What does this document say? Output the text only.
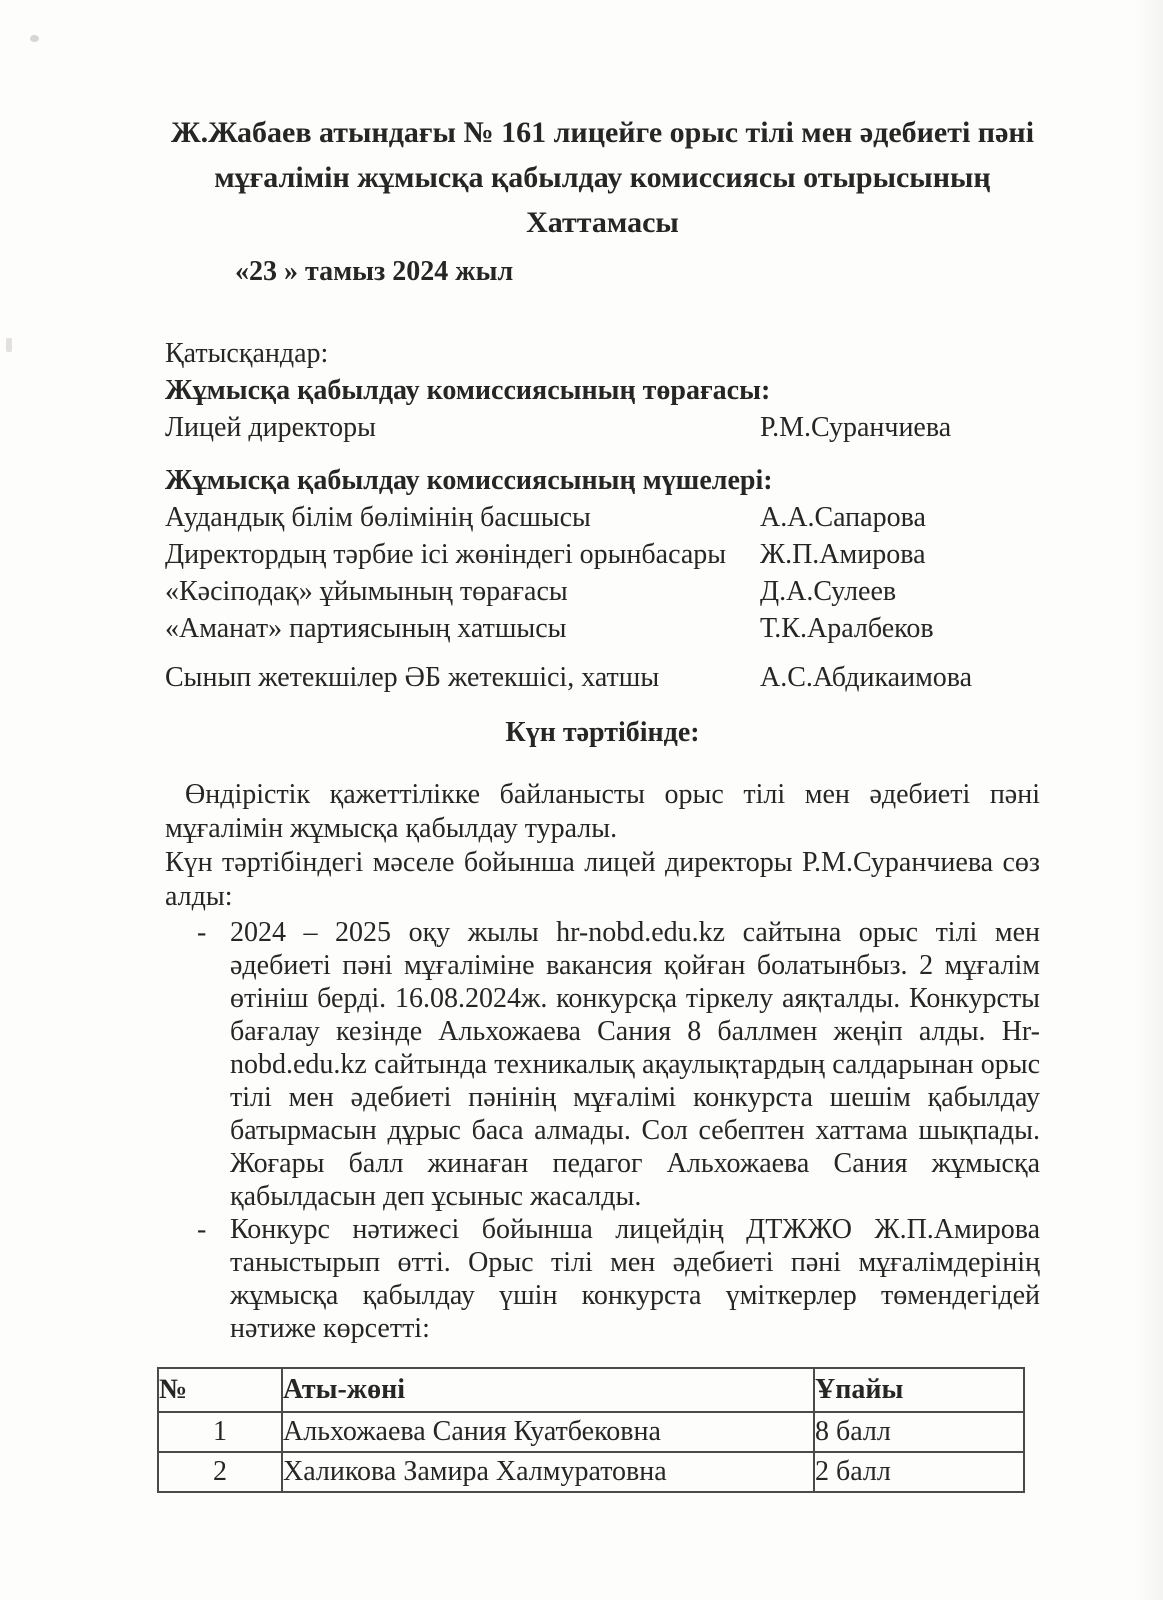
Ж.Жабаев атындағы № 161 лицейге орыс тілі мен әдебиеті пәні
мұғалімін жұмысқа қабылдау комиссиясы отырысының
Хаттамасы
«23 » тамыз 2024 жыл
Қатысқандар:
Жұмысқа қабылдау комиссиясының төрағасы:
Лицей директоры	Р.М.Суранчиева
Жұмысқа қабылдау комиссиясының мүшелері:
Аудандық білім бөлімінің басшысы	А.А.Сапарова
Директордың тәрбие ісі жөніндегі орынбасары	Ж.П.Амирова
«Кәсіподақ» ұйымының төрағасы	Д.А.Сулеев
«Аманат» партиясының хатшысы	Т.К.Аралбеков
Сынып жетекшілер ӘБ жетекшісі, хатшы	А.С.Абдикаимова
Күн тәртібінде:
Өндірістік қажеттілікке байланысты орыс тілі мен әдебиеті пәні мұғалімін жұмысқа қабылдау туралы.
Күн тәртібіндегі мәселе бойынша лицей директоры Р.М.Суранчиева сөз алды:
- 2024 – 2025 оқу жылы hr-nobd.edu.kz сайтына орыс тілі мен әдебиеті пәні мұғаліміне вакансия қойған болатынбыз. 2 мұғалім өтініш берді. 16.08.2024ж. конкурсқа тіркелу аяқталды. Конкурсты бағалау кезінде Альхожаева Сания 8 баллмен жеңіп алды. Hr-nobd.edu.kz сайтында техникалық ақаулықтардың салдарынан орыс тілі мен әдебиеті пәнінің мұғалімі конкурста шешім қабылдау батырмасын дұрыс баса алмады. Сол себептен хаттама шықпады. Жоғары балл жинаған педагог Альхожаева Сания жұмысқа қабылдасын деп ұсыныс жасалды.
- Конкурс нәтижесі бойынша лицейдің ДТЖЖО Ж.П.Амирова таныстырып өтті. Орыс тілі мен әдебиеті пәні мұғалімдерінің жұмысқа қабылдау үшін конкурста үміткерлер төмендегідей нәтиже көрсетті:
№	Аты-жөні	Ұпайы
1	Альхожаева Сания Куатбековна	8 балл
2	Халикова Замира Халмуратовна	2 балл
